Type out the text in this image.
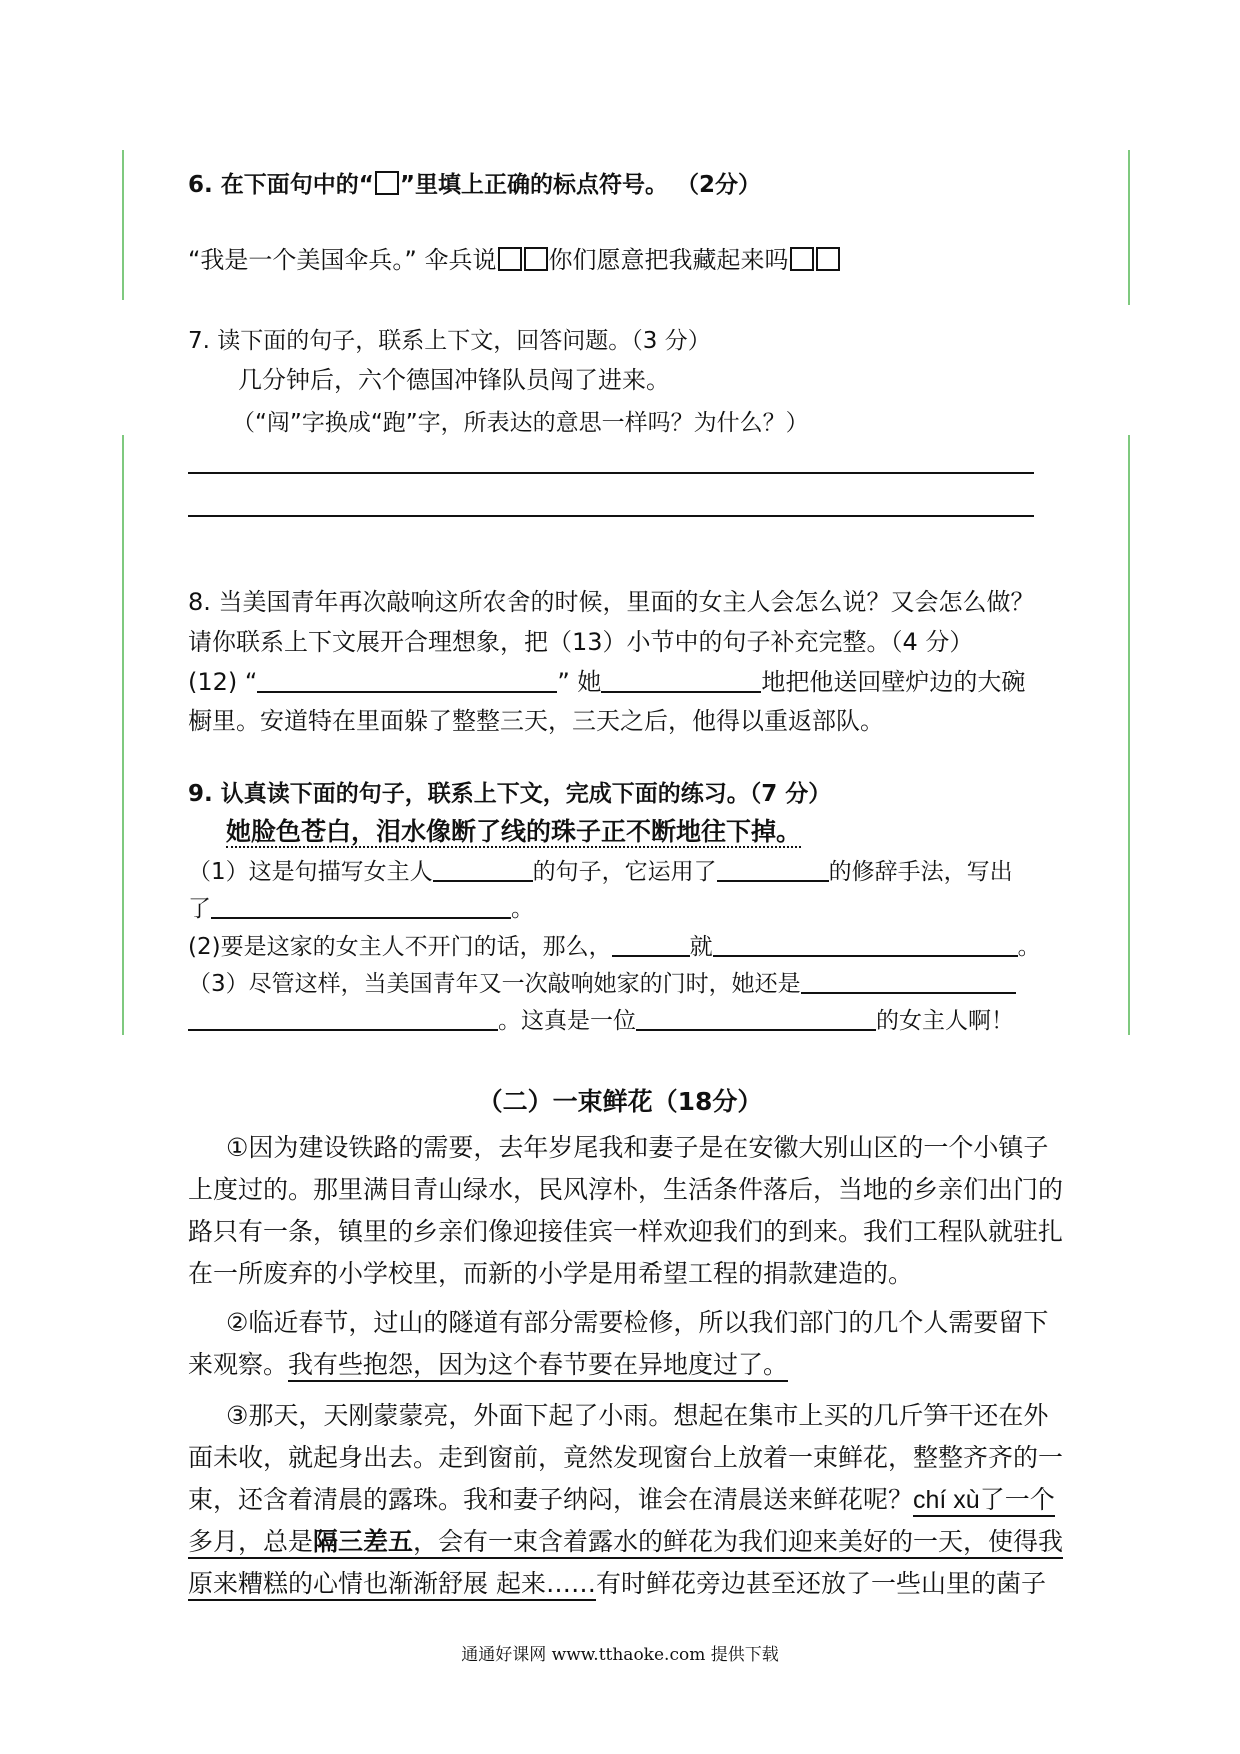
6. 在下面句中的“ ”里填上正确的标点符号。 （2分）
“我是一个美国伞兵。” 伞兵说 你们愿意把我藏起来吗
7. 读下面的句子，联系上下文，回答问题。（3 分）
几分钟后，六个德国冲锋队员闯了进来。
（“闯”字换成“跑”字，所表达的意思一样吗？为什么？）
8. 当美国青年再次敲响这所农舍的时候，里面的女主人会怎么说？又会怎么做？
请你联系上下文展开合理想象，把（13）小节中的句子补充完整。（4 分）
(12) “	” 她	地把他送回壁炉边的大碗
橱里。安道特在里面躲了整整三天，三天之后，他得以重返部队。
9. 认真读下面的句子，联系上下文，完成下面的练习。（7 分）
她脸色苍白，泪水像断了线的珠子正不断地往下掉。
（1）这是句描写女主人	的句子，它运用了	的修辞手法，写出
了	。
(2)要是这家的女主人不开门的话，那么，	就	。
（3）尽管这样，当美国青年又一次敲响她家的门时，她还是
。这真是一位	的女主人啊！
（二）一束鲜花（18分）
①因为建设铁路的需要，去年岁尾我和妻子是在安徽大别山区的一个小镇子
上度过的。那里满目青山绿水，民风淳朴，生活条件落后，当地的乡亲们出门的
路只有一条，镇里的乡亲们像迎接佳宾一样欢迎我们的到来。我们工程队就驻扎
在一所废弃的小学校里，而新的小学是用希望工程的捐款建造的。
②临近春节，过山的隧道有部分需要检修，所以我们部门的几个人需要留下
来观察。我有些抱怨，因为这个春节要在异地度过了。
③那天，天刚蒙蒙亮，外面下起了小雨。想起在集市上买的几斤笋干还在外
面未收，就起身出去。走到窗前，竟然发现窗台上放着一束鲜花，整整齐齐的一
束，还含着清晨的露珠。我和妻子纳闷，谁会在清晨送来鲜花呢？chí xù了一个
多月，总是隔三差五，会有一束含着露水的鲜花为我们迎来美好的一天，使得我
原来糟糕的心情也渐渐舒展 起来……有时鲜花旁边甚至还放了一些山里的菌子
通通好课网 www.tthaoke.com 提供下载
